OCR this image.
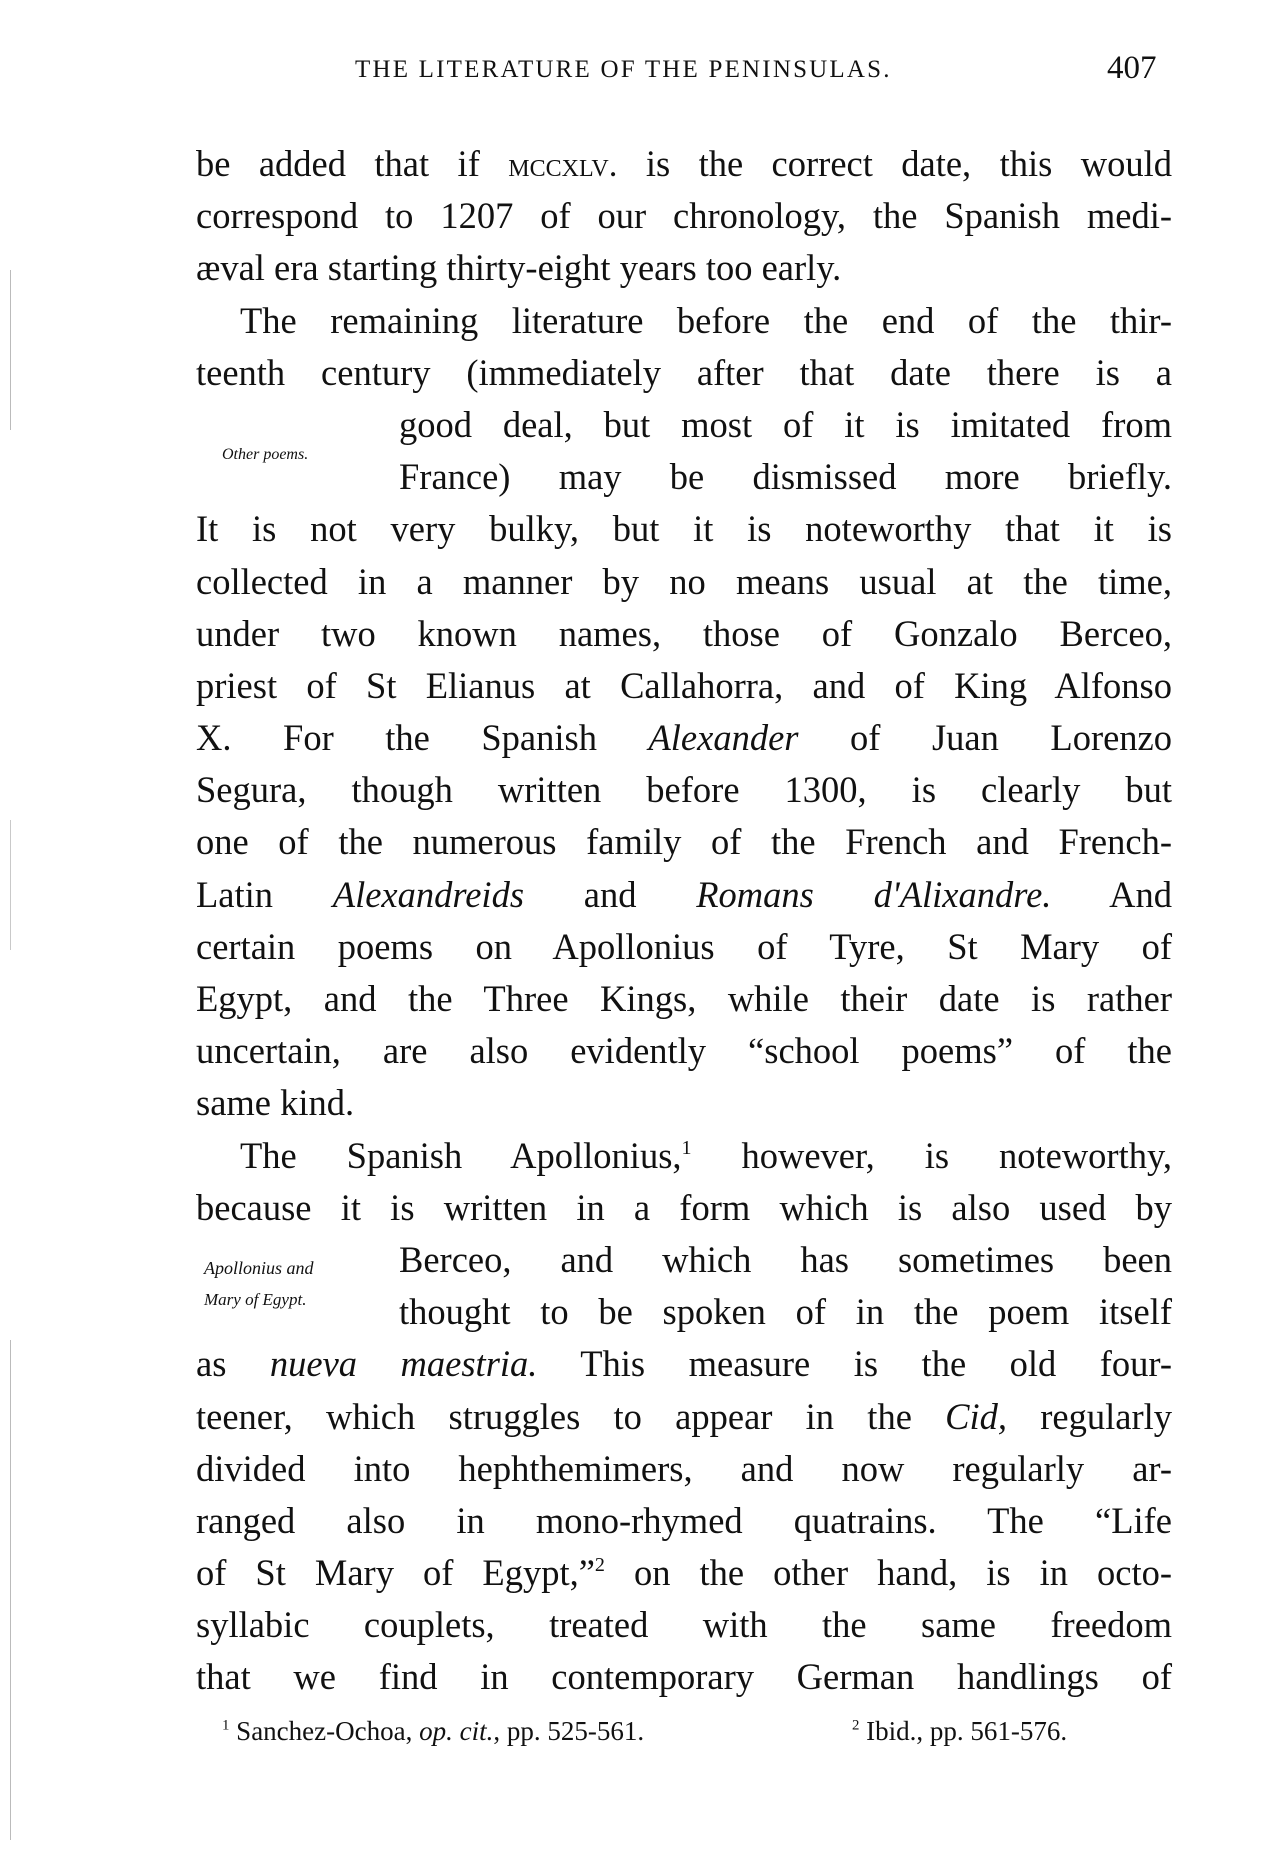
THE LITERATURE OF THE PENINSULAS.	407
Other poems.
Apollonius and
Mary of Egypt.
be added that if mccxlv. is the correct date, this would
correspond to 1207 of our chronology, the Spanish medi-
æval era starting thirty-eight years too early.
The remaining literature before the end of the thir-
teenth century (immediately after that date there is a
good deal, but most of it is imitated from
France) may be dismissed more briefly.
It is not very bulky, but it is noteworthy that it is
collected in a manner by no means usual at the time,
under two known names, those of Gonzalo Berceo,
priest of St Elianus at Callahorra, and of King Alfonso
X. For the Spanish Alexander of Juan Lorenzo
Segura, though written before 1300, is clearly but
one of the numerous family of the French and French-
Latin Alexandreids and Romans d'Alixandre. And
certain poems on Apollonius of Tyre, St Mary of
Egypt, and the Three Kings, while their date is rather
uncertain, are also evidently “school poems” of the
same kind.
The Spanish Apollonius,$^1$ however, is noteworthy,
because it is written in a form which is also used by
Berceo, and which has sometimes been
thought to be spoken of in the poem itself
as nueva maestria. This measure is the old four-
teener, which struggles to appear in the Cid, regularly
divided into hephthemimers, and now regularly ar-
ranged also in mono-rhymed quatrains. The “Life
of St Mary of Egypt,”$^2$ on the other hand, is in octo-
syllabic couplets, treated with the same freedom
that we find in contemporary German handlings of
$^1$ Sanchez-Ochoa, op. cit., pp. 525-561.	$^2$ Ibid., pp. 561-576.
